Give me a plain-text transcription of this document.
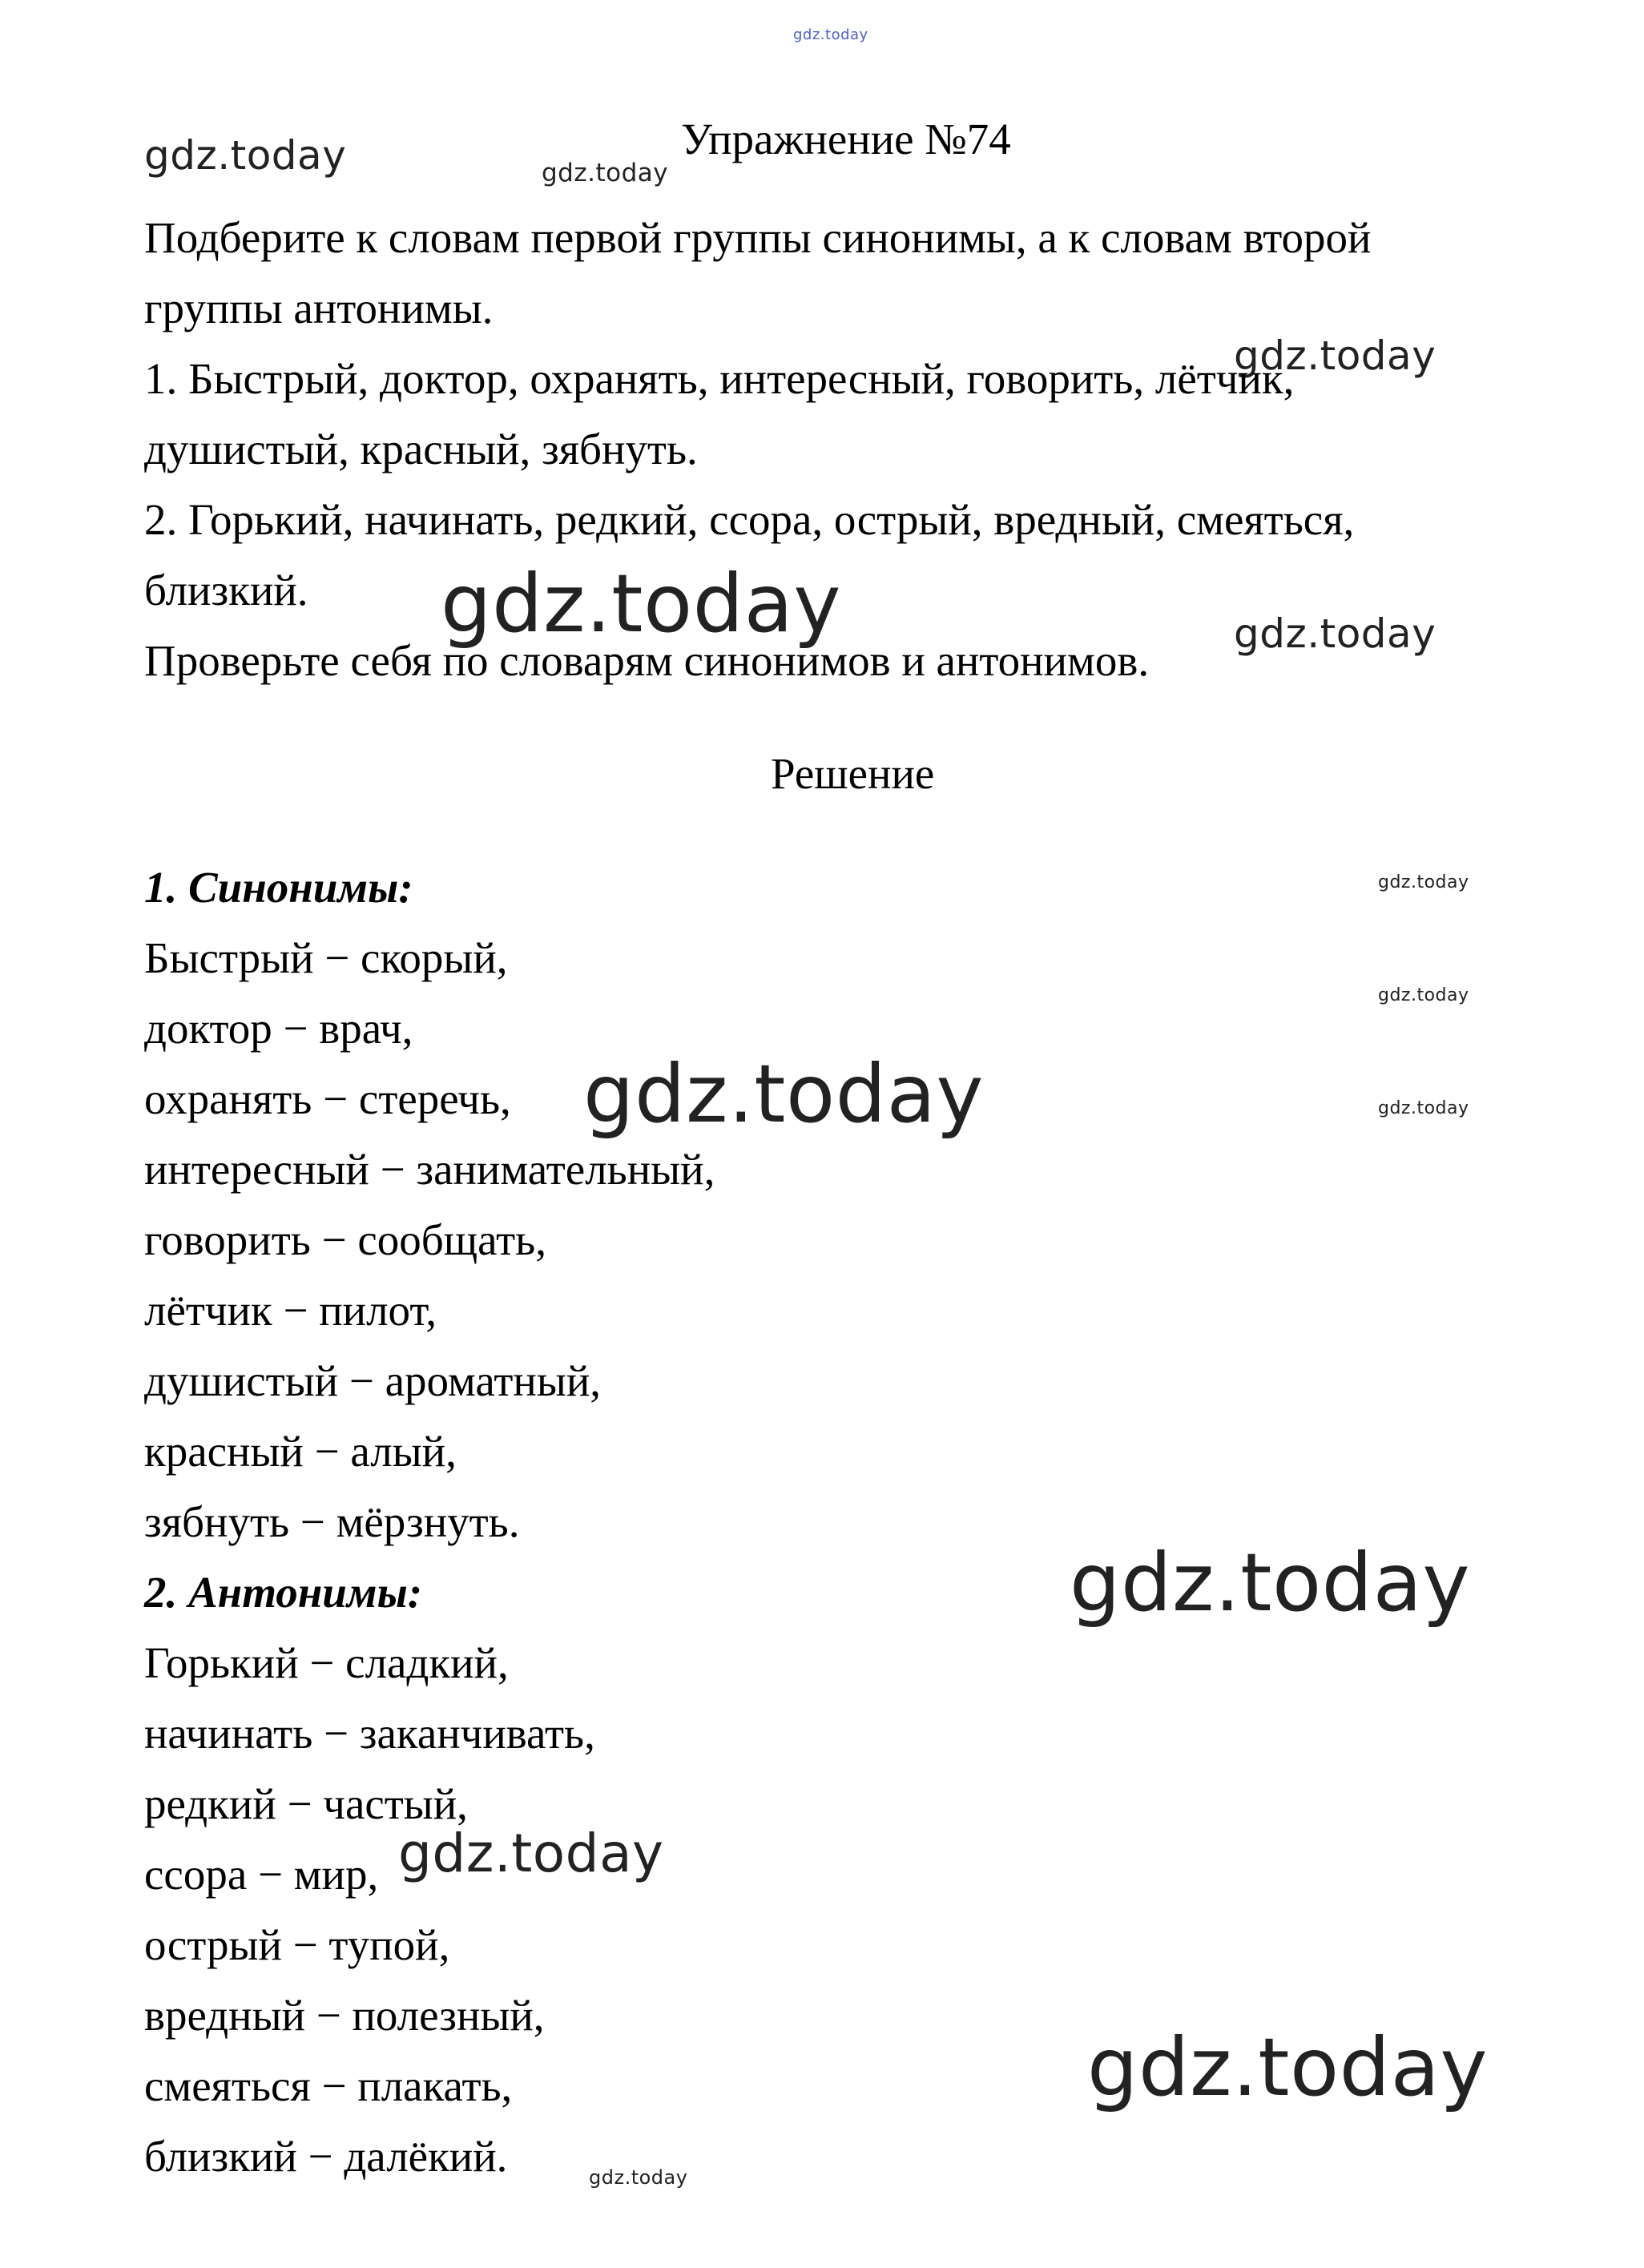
gdz.today
gdz.today	gdz.today
gdz.today
gdz.today	gdz.today
gdz.today
gdz.today
gdz.today
gdz.today
gdz.today
gdz.today
gdz.today
gdz.today
Упражнение №74
Подберите к словам первой группы синонимы, а к словам второй
группы антонимы.
1. Быстрый, доктор, охранять, интересный, говорить, лётчик,
душистый, красный, зябнуть.
2. Горький, начинать, редкий, ссора, острый, вредный, смеяться,
близкий.
Проверьте себя по словарям синонимов и антонимов.
Решение
1. Синонимы:
Быстрый − скорый,
доктор − врач,
охранять − стеречь,
интересный − занимательный,
говорить − сообщать,
лётчик − пилот,
душистый − ароматный,
красный − алый,
зябнуть − мёрзнуть.
2. Антонимы:
Горький − сладкий,
начинать − заканчивать,
редкий − частый,
ссора − мир,
острый − тупой,
вредный − полезный,
смеяться − плакать,
близкий − далёкий.
